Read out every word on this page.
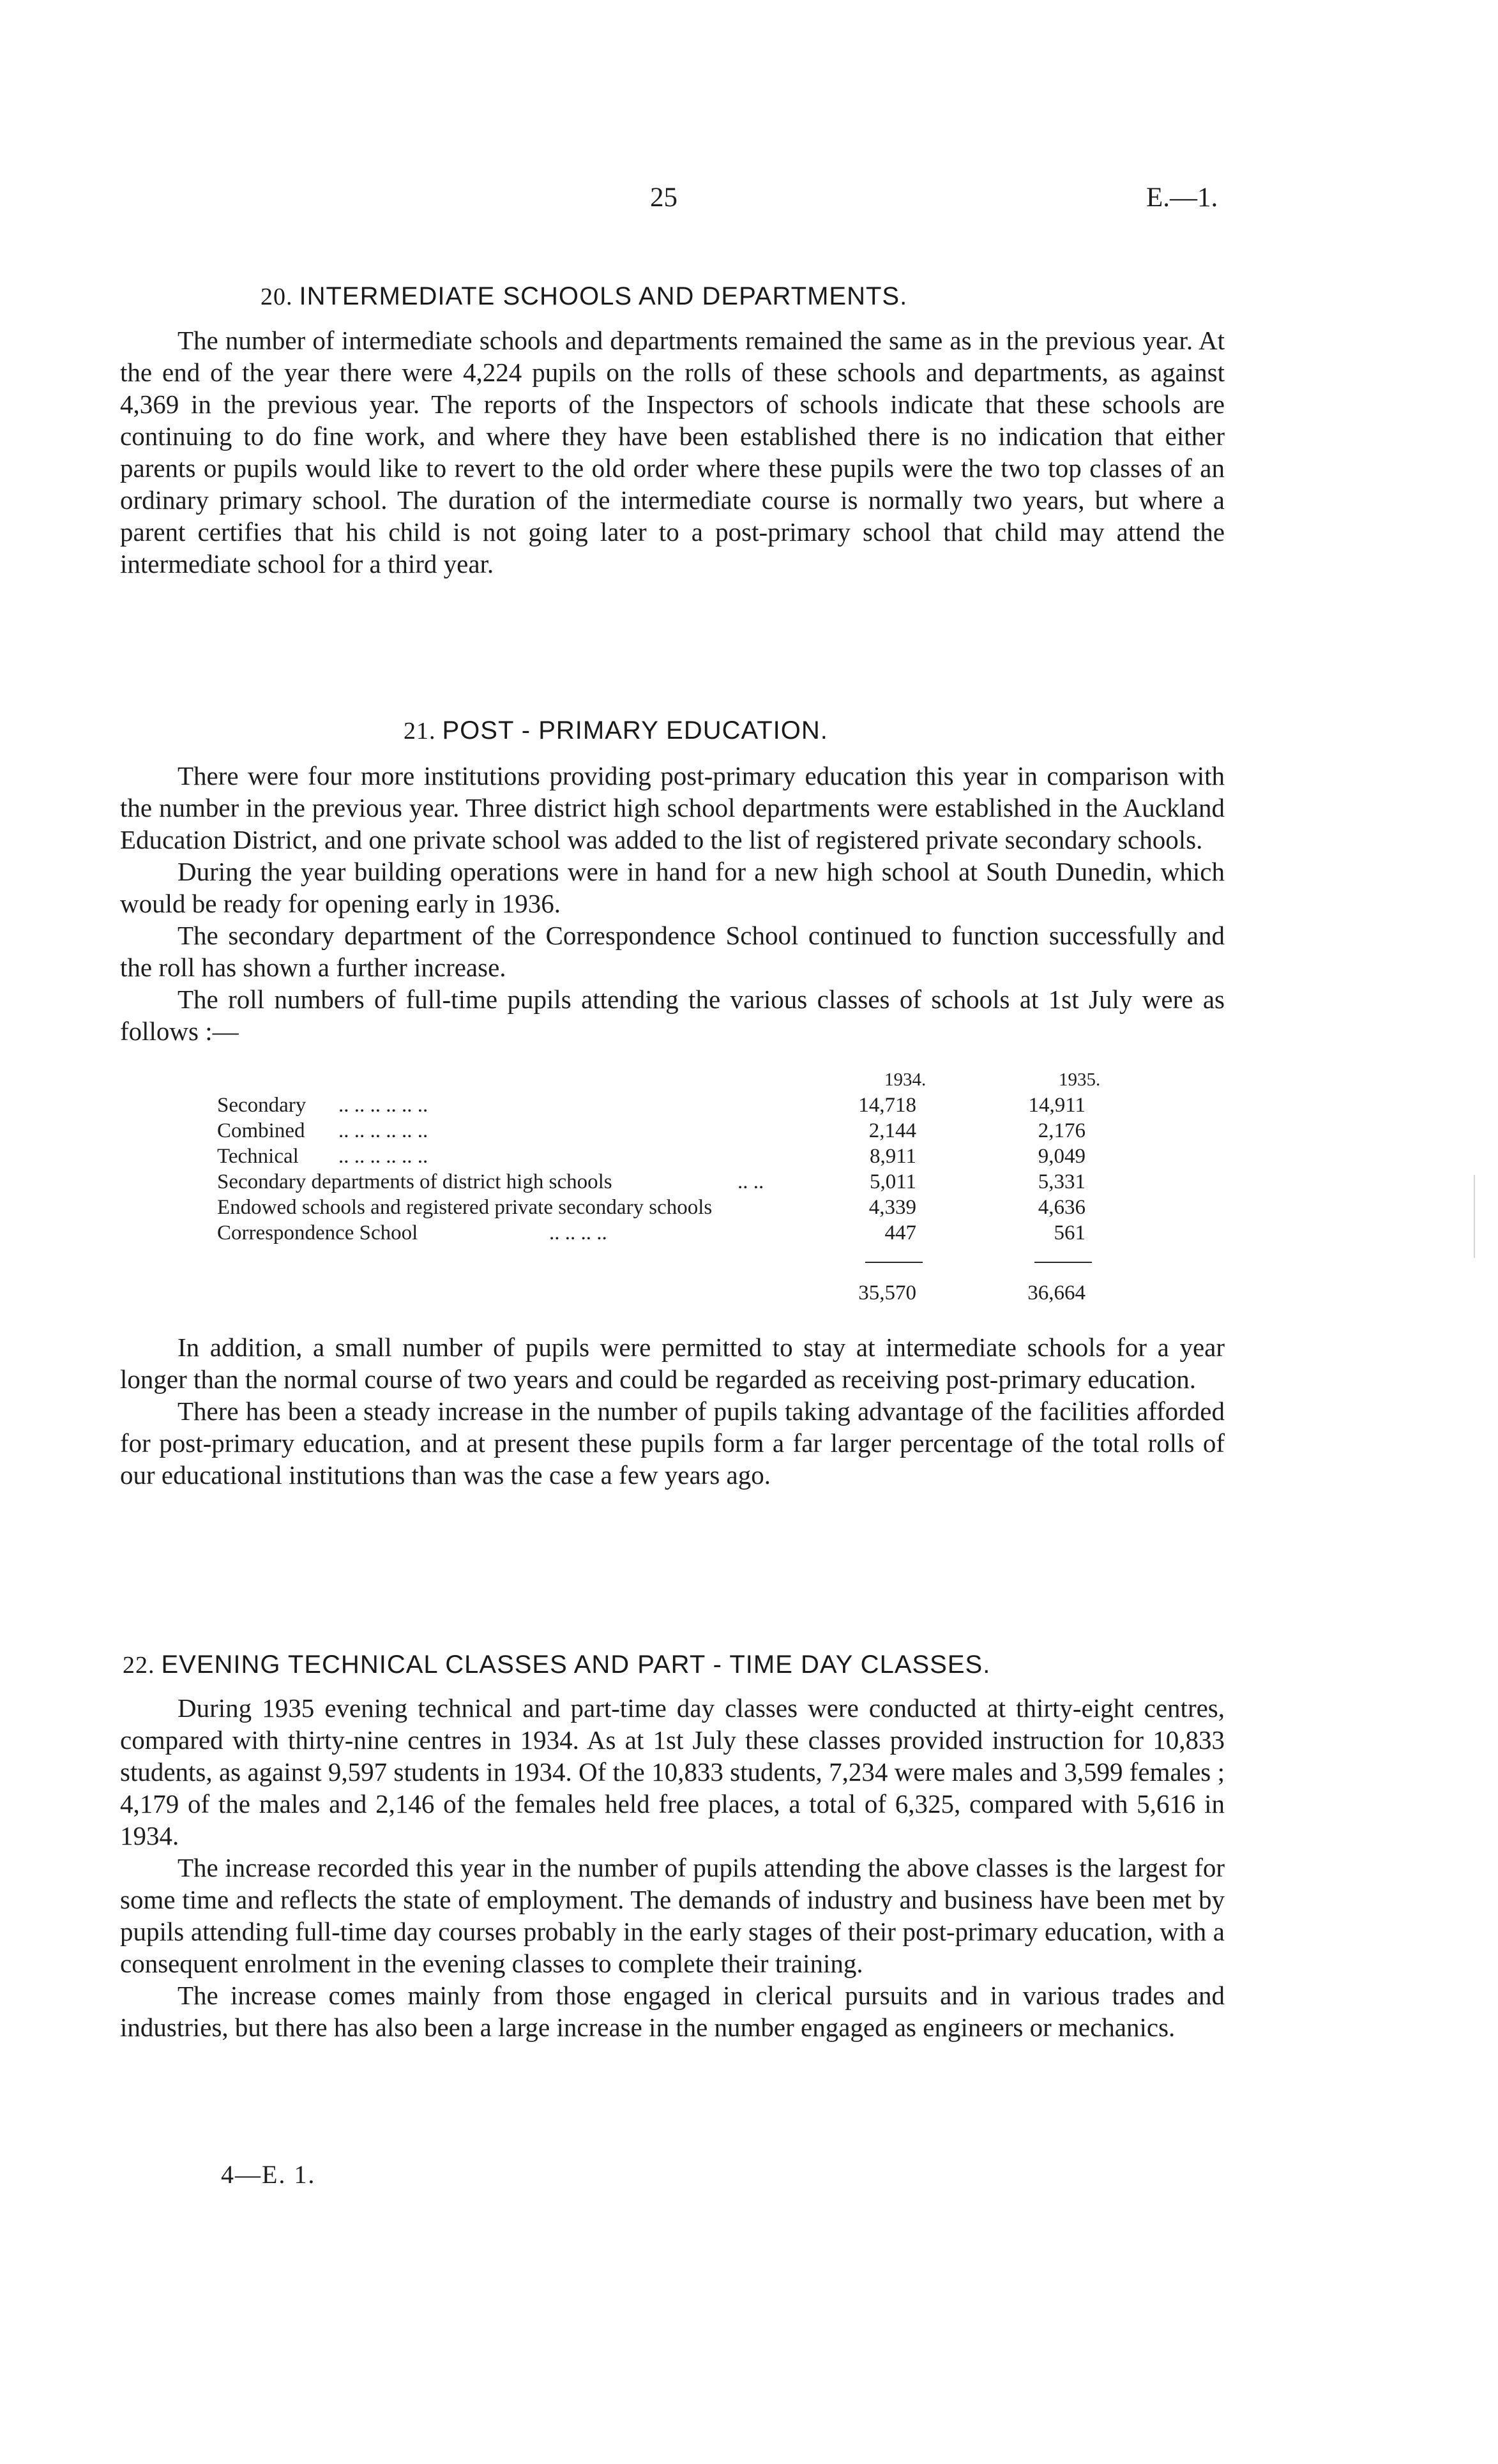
25	E.—1.
20. INTERMEDIATE SCHOOLS AND DEPARTMENTS.

The number of intermediate schools and departments remained the same as in the previous year. At the end of the year there were 4,224 pupils on the rolls of these schools and departments, as against 4,369 in the previous year. The reports of the Inspectors of schools indicate that these schools are continuing to do fine work, and where they have been established there is no indication that either parents or pupils would like to revert to the old order where these pupils were the two top classes of an ordinary primary school. The duration of the intermediate course is normally two years, but where a parent certifies that his child is not going later to a post-primary school that child may attend the intermediate school for a third year.

21. POST - PRIMARY EDUCATION.

There were four more institutions providing post-primary education this year in comparison with the number in the previous year. Three district high school departments were established in the Auckland Education District, and one private school was added to the list of registered private secondary schools.

During the year building operations were in hand for a new high school at South Dunedin, which would be ready for opening early in 1936.

The secondary department of the Correspondence School continued to function successfully and the roll has shown a further increase.

The roll numbers of full-time pupils attending the various classes of schools at 1st July were as follows :—

1934.	1935.
Secondary .. .. .. .. .. ..	14,718	14,911
Combined .. .. .. .. .. ..	2,144	2,176
Technical .. .. .. .. .. ..	8,911	9,049
Secondary departments of district high schools	.. ..	5,011	5,331
Endowed schools and registered private secondary schools	4,339	4,636
Correspondence School	.. .. .. ..	447	561
35,570	36,664

In addition, a small number of pupils were permitted to stay at intermediate schools for a year longer than the normal course of two years and could be regarded as receiving post-primary education.

There has been a steady increase in the number of pupils taking advantage of the facilities afforded for post-primary education, and at present these pupils form a far larger percentage of the total rolls of our educational institutions than was the case a few years ago.

22. EVENING TECHNICAL CLASSES AND PART - TIME DAY CLASSES.

During 1935 evening technical and part-time day classes were conducted at thirty-eight centres, compared with thirty-nine centres in 1934. As at 1st July these classes provided instruction for 10,833 students, as against 9,597 students in 1934. Of the 10,833 students, 7,234 were males and 3,599 females ; 4,179 of the males and 2,146 of the females held free places, a total of 6,325, compared with 5,616 in 1934.

The increase recorded this year in the number of pupils attending the above classes is the largest for some time and reflects the state of employment. The demands of industry and business have been met by pupils attending full-time day courses probably in the early stages of their post-primary education, with a consequent enrolment in the evening classes to complete their training.

The increase comes mainly from those engaged in clerical pursuits and in various trades and industries, but there has also been a large increase in the number engaged as engineers or mechanics.

4—E. 1.
